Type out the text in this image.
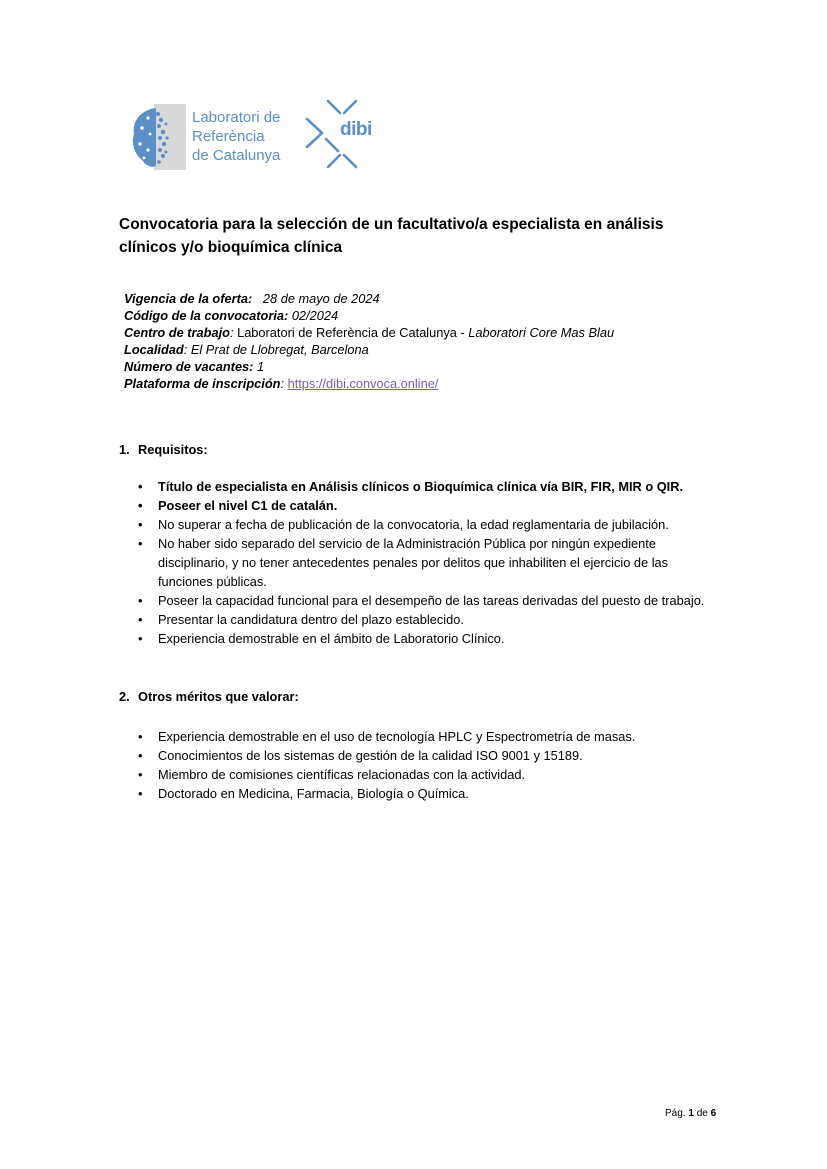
Laboratori de
Referència
de Catalunya
dibi
Convocatoria para la selección de un facultativo/a especialista en análisis clínicos y/o bioquímica clínica
Vigencia de la oferta: 28 de mayo de 2024
Código de la convocatoria: 02/2024
Centro de trabajo: Laboratori de Referència de Catalunya - Laboratori Core Mas Blau
Localidad: El Prat de Llobregat, Barcelona
Número de vacantes: 1
Plataforma de inscripción: https://dibi.convoca.online/
1. Requisitos:
• Título de especialista en Análisis clínicos o Bioquímica clínica vía BIR, FIR, MIR o QIR.
• Poseer el nivel C1 de catalán.
• No superar a fecha de publicación de la convocatoria, la edad reglamentaria de jubilación.
• No haber sido separado del servicio de la Administración Pública por ningún expediente disciplinario, y no tener antecedentes penales por delitos que inhabiliten el ejercicio de las funciones públicas.
• Poseer la capacidad funcional para el desempeño de las tareas derivadas del puesto de trabajo.
• Presentar la candidatura dentro del plazo establecido.
• Experiencia demostrable en el ámbito de Laboratorio Clínico.
2. Otros méritos que valorar:
• Experiencia demostrable en el uso de tecnología HPLC y Espectrometría de masas.
• Conocimientos de los sistemas de gestión de la calidad ISO 9001 y 15189.
• Miembro de comisiones científicas relacionadas con la actividad.
• Doctorado en Medicina, Farmacia, Biología o Química.
Pág. 1 de 6
